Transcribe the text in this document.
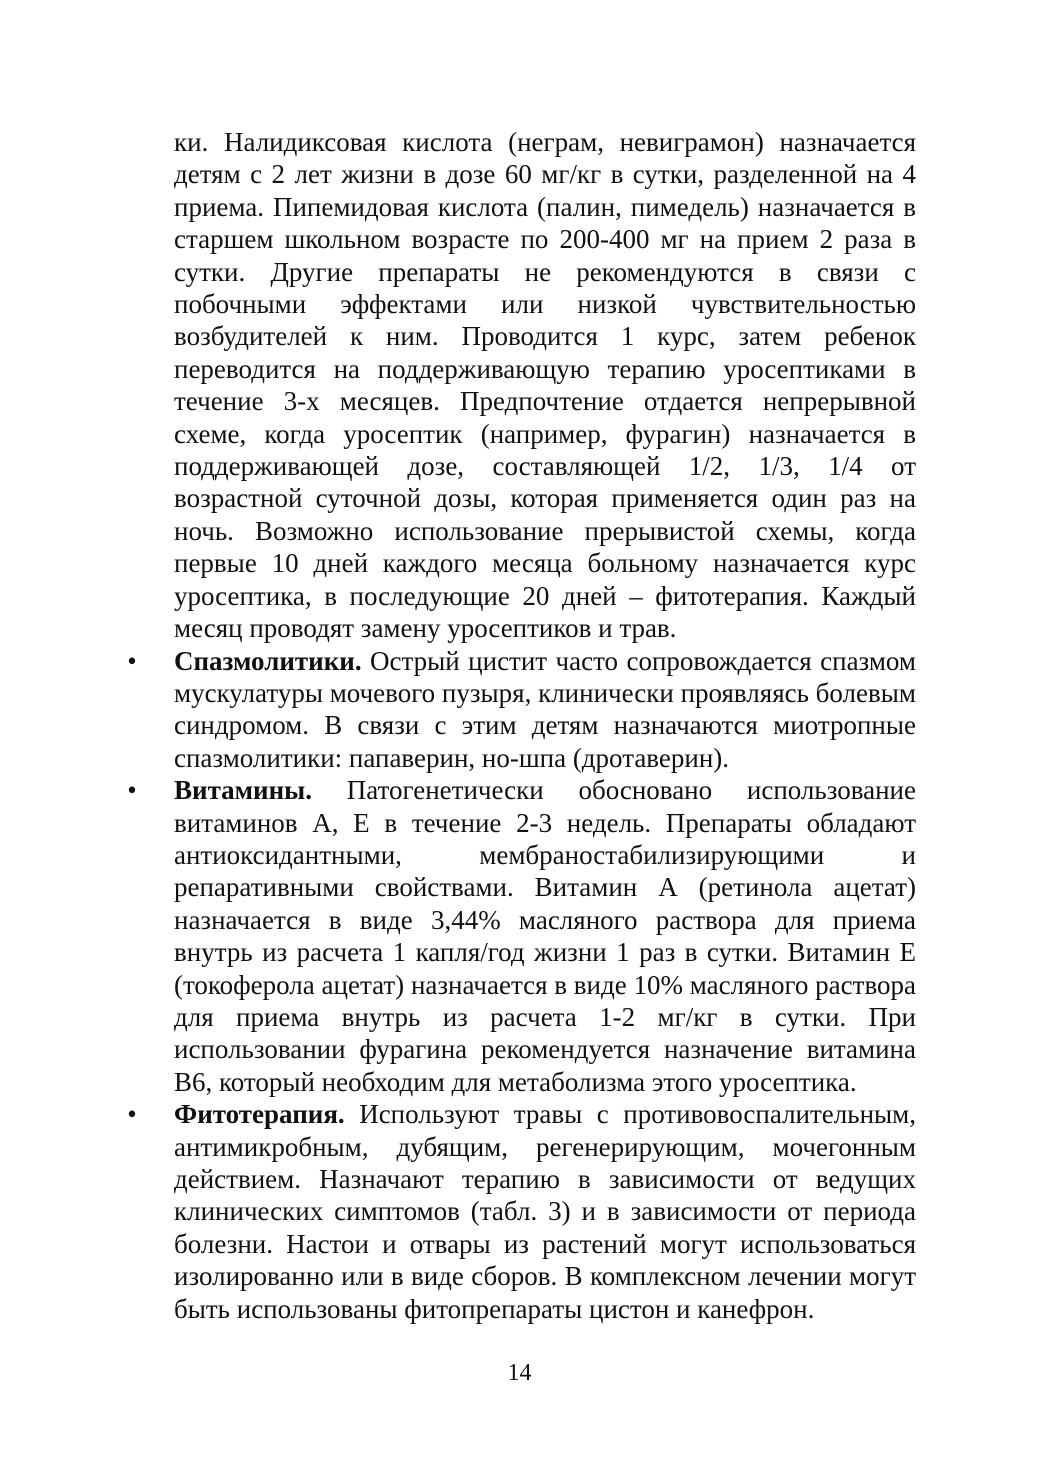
ки. Налидиксовая кислота (неграм, невиграмон) назначается детям с 2 лет жизни в дозе 60 мг/кг в сутки, разделенной на 4 приема. Пипемидовая кислота (палин, пимедель) назначается в старшем школьном возрасте по 200-400 мг на прием 2 раза в сутки. Другие препараты не рекомендуются в связи с побочными эффектами или низкой чувствительностью возбудителей к ним. Проводится 1 курс, затем ребенок переводится на поддерживающую терапию уросептиками в течение 3-х месяцев. Предпочтение отдается непрерывной схеме, когда уросептик (например, фурагин) назначается в поддерживающей дозе, составляющей 1/2, 1/3, 1/4 от возрастной суточной дозы, которая применяется один раз на ночь. Возможно использование прерывистой схемы, когда первые 10 дней каждого месяца больному назначается курс уросептика, в последующие 20 дней – фитотерапия. Каждый месяц проводят замену уросептиков и трав.

• Спазмолитики. Острый цистит часто сопровождается спазмом мускулатуры мочевого пузыря, клинически проявляясь болевым синдромом. В связи с этим детям назначаются миотропные спазмолитики: папаверин, но-шпа (дротаверин).

• Витамины. Патогенетически обосновано использование витаминов А, Е в течение 2-3 недель. Препараты обладают антиоксидантными, мембраностабилизирующими и репаративными свойствами. Витамин А (ретинола ацетат) назначается в виде 3,44% масляного раствора для приема внутрь из расчета 1 капля/год жизни 1 раз в сутки. Витамин Е (токоферола ацетат) назначается в виде 10% масляного раствора для приема внутрь из расчета 1-2 мг/кг в сутки. При использовании фурагина рекомендуется назначение витамина В6, который необходим для метаболизма этого уросептика.

• Фитотерапия. Используют травы с противовоспалительным, антимикробным, дубящим, регенерирующим, мочегонным действием. Назначают терапию в зависимости от ведущих клинических симптомов (табл. 3) и в зависимости от периода болезни. Настои и отвары из растений могут использоваться изолированно или в виде сборов. В комплексном лечении могут быть использованы фитопрепараты цистон и канефрон.

14
